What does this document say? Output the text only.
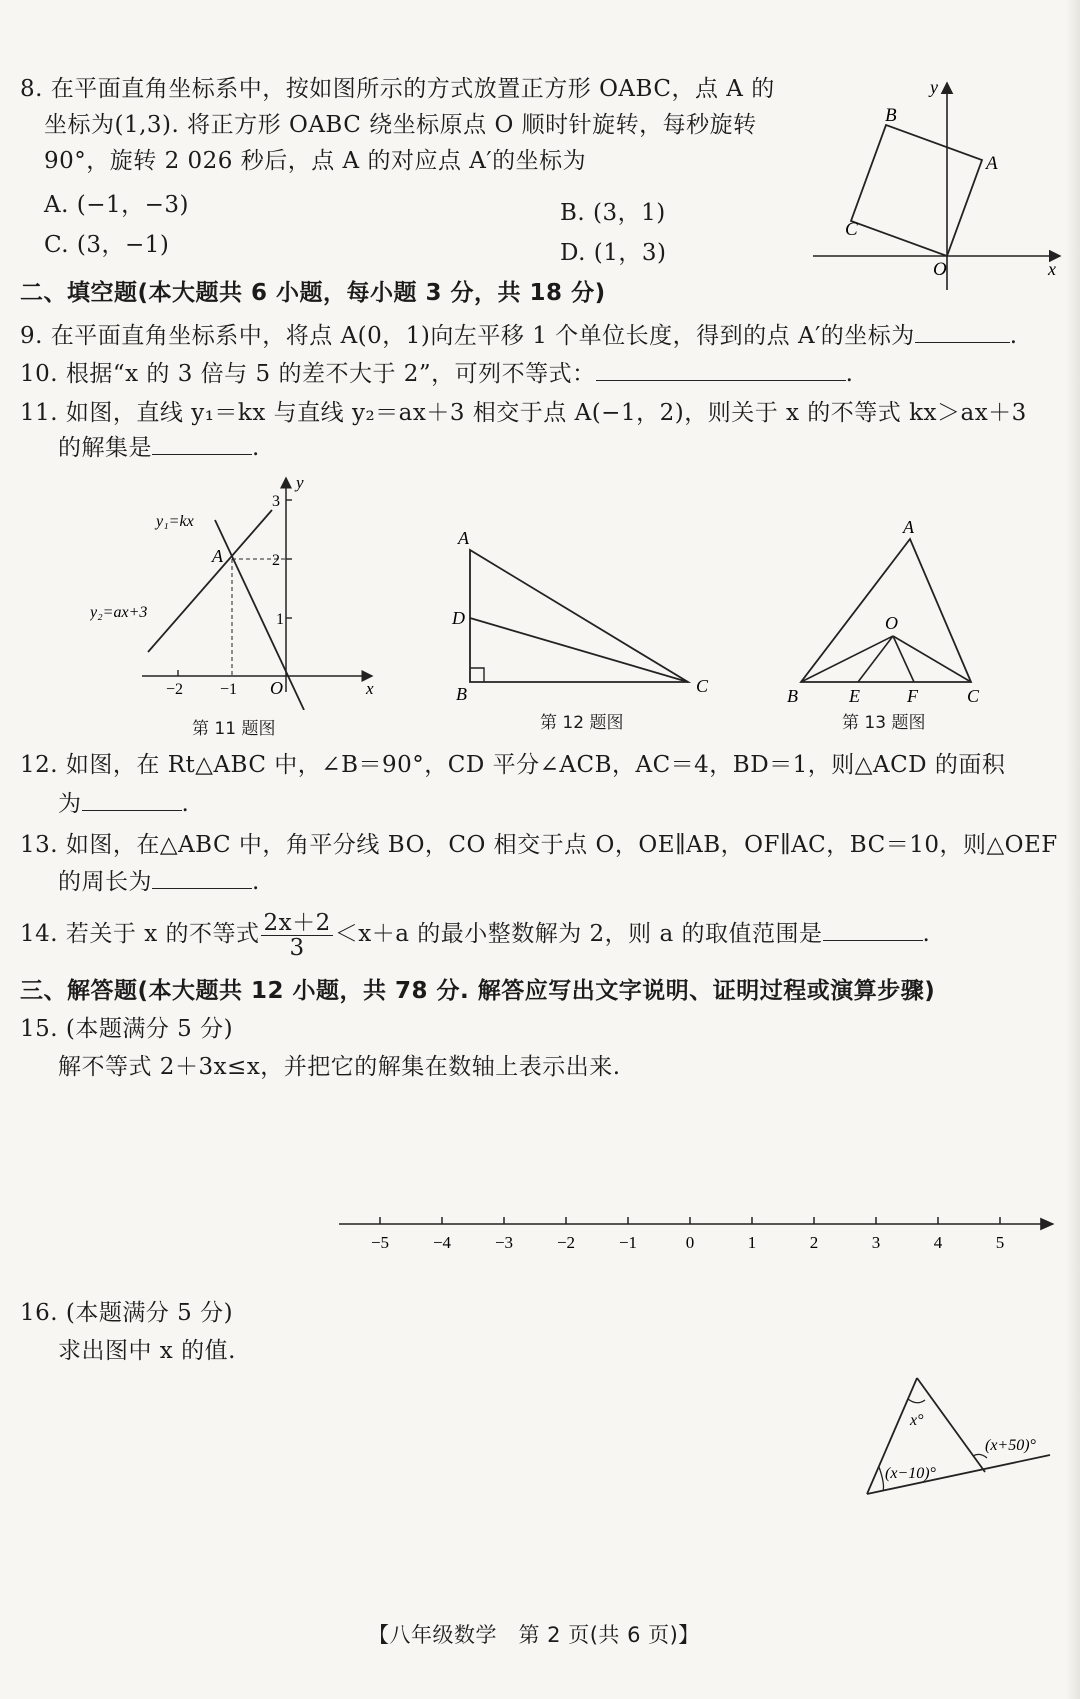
8. 在平面直角坐标系中，按如图所示的方式放置正方形 OABC，点 A 的
坐标为(1,3). 将正方形 OABC 绕坐标原点 O 顺时针旋转，每秒旋转
90°，旋转 2 026 秒后，点 A 的对应点 A′的坐标为
A. (−1，−3)	B. (3，1)
C. (3，−1)	D. (1，3)
O
A
B
C
y
x
二、填空题(本大题共 6 小题，每小题 3 分，共 18 分)
9. 在平面直角坐标系中，将点 A(0，1)向左平移 1 个单位长度，得到的点 A′的坐标为	.
10. 根据“x 的 3 倍与 5 的差不大于 2”，可列不等式：	.
11. 如图，直线 y₁＝kx 与直线 y₂＝ax＋3 相交于点 A(−1，2)，则关于 x 的不等式 kx＞ax＋3
的解集是	.
y₁=kx
y₂=ax+3
A
O	x
y
3
2
1
−2 −1
第 11 题图
A
D
B	C
第 12 题图
A
O
B	E	F	C
第 13 题图
12. 如图，在 Rt△ABC 中，∠B＝90°，CD 平分∠ACB，AC＝4，BD＝1，则△ACD 的面积
为	.
13. 如图，在△ABC 中，角平分线 BO，CO 相交于点 O，OE∥AB，OF∥AC，BC＝10，则△OEF
的周长为	.
14. 若关于 x 的不等式 $\frac{2x+2}{3} <x+a$ 的最小整数解为 2，则 a 的取值范围是	.
三、解答题(本大题共 12 小题，共 78 分. 解答应写出文字说明、证明过程或演算步骤)
15. (本题满分 5 分)
解不等式 2＋3x≤x，并把它的解集在数轴上表示出来.
−5	−4	−3	−2	−1	0	1	2	3	4	5
16. (本题满分 5 分)
求出图中 x 的值.
x°
(x−10)°
(x+50)°
【八年级数学　第 2 页(共 6 页)】
